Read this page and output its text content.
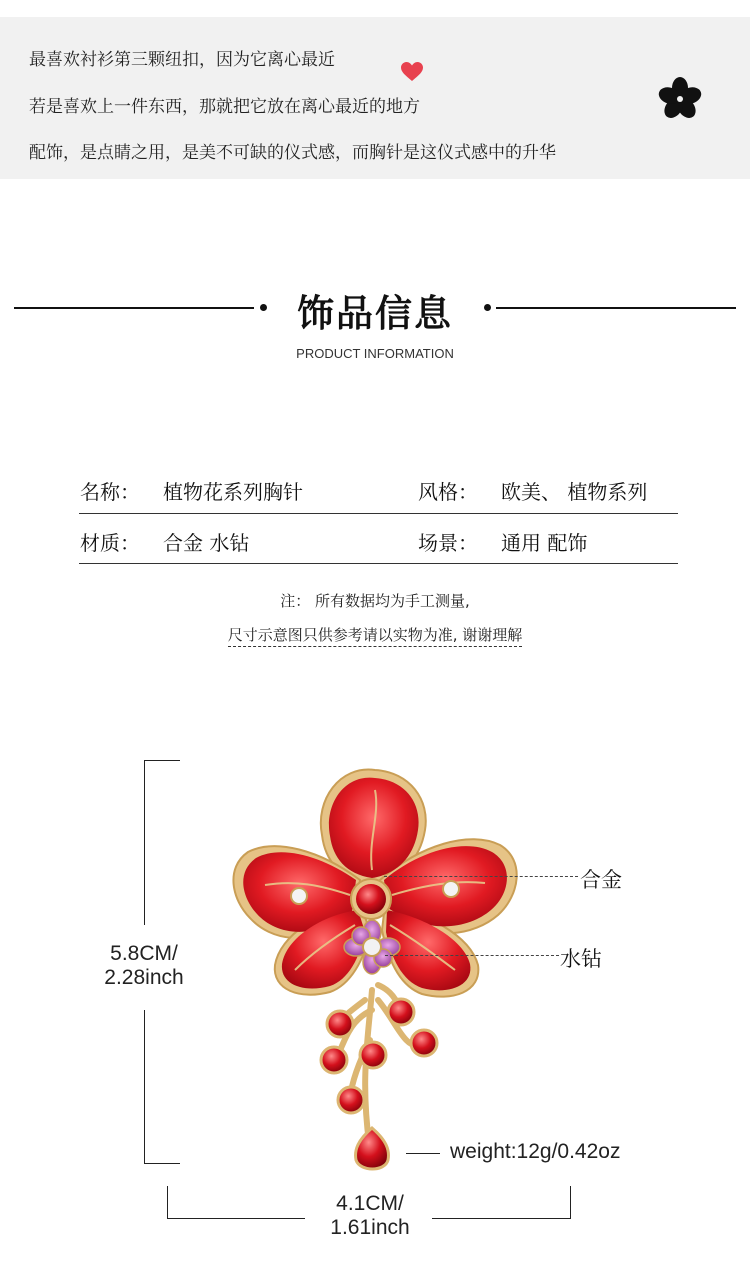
最喜欢衬衫第三颗纽扣，因为它离心最近
若是喜欢上一件东西，那就把它放在离心最近的地方
配饰，是点睛之用，是美不可缺的仪式感，而胸针是这仪式感中的升华
饰品信息
PRODUCT INFORMATION
名称： 植物花系列胸针	风格： 欧美、 植物系列
材质： 合金 水钻	场景： 通用 配饰
注： 所有数据均为手工测量,
尺寸示意图只供参考请以实物为准, 谢谢理解
5.8CM/
2.28inch
4.1CM/
1.61inch
合金
水钻
weight:12g/0.42oz
